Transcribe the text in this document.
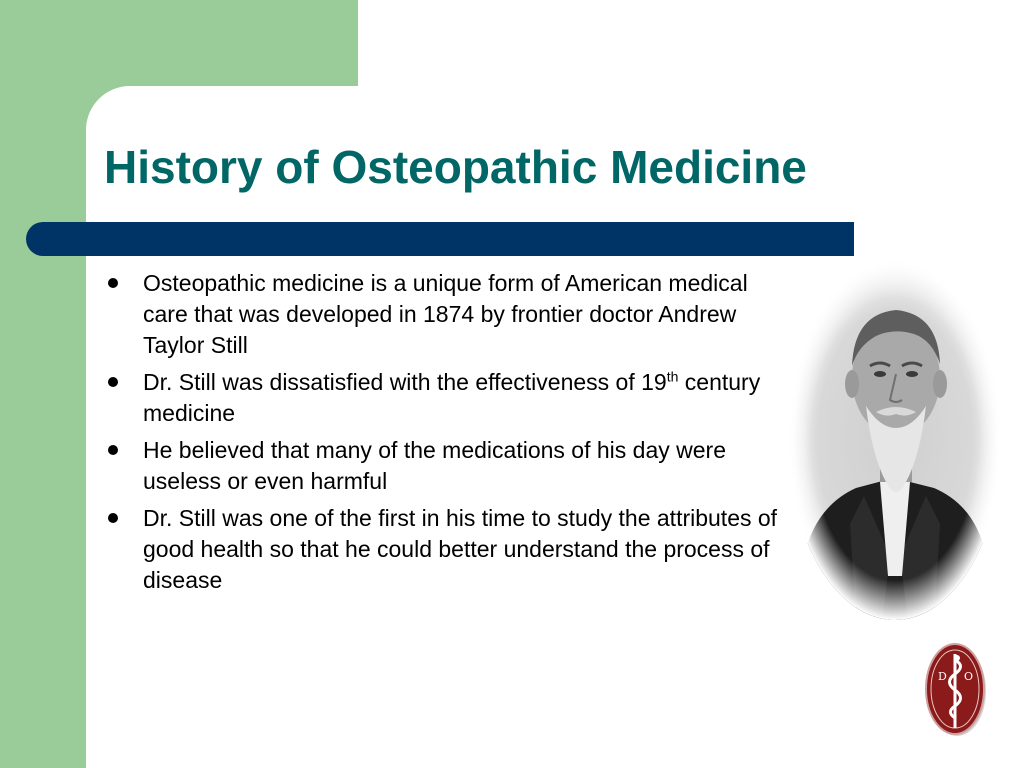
History of Osteopathic Medicine
Osteopathic medicine is a unique form of American medical care that was developed in 1874 by frontier doctor Andrew Taylor Still
Dr. Still was dissatisfied with the effectiveness of 19th century medicine
He believed that many of the medications of his day were useless or even harmful
Dr. Still was one of the first in his time to study the attributes of good health so that he could better understand the process of disease
D O
